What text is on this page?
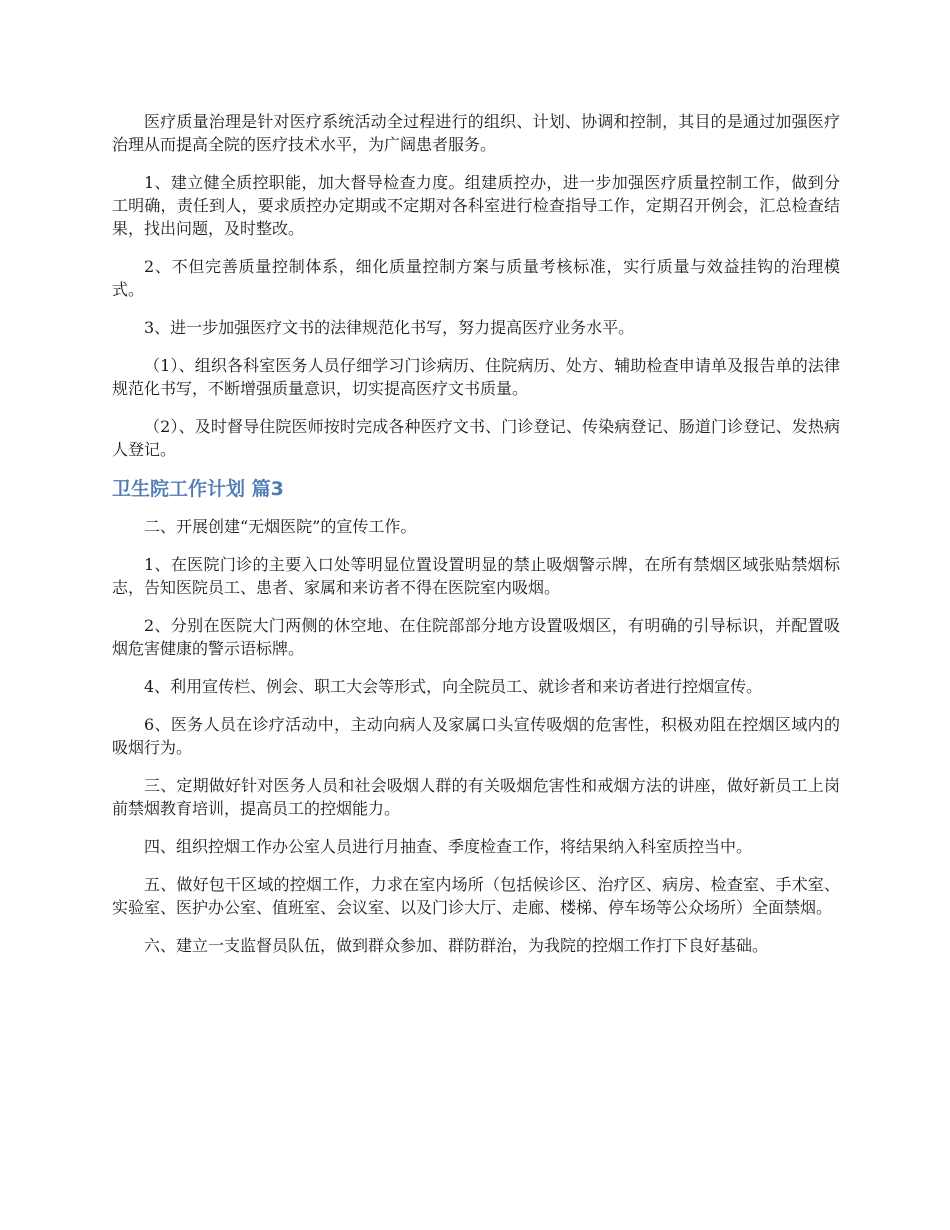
医疗质量治理是针对医疗系统活动全过程进行的组织、计划、协调和控制，其目的是通过加强医疗治理从而提高全院的医疗技术水平，为广阔患者服务。

1、建立健全质控职能，加大督导检查力度。组建质控办，进一步加强医疗质量控制工作，做到分工明确，责任到人，要求质控办定期或不定期对各科室进行检查指导工作，定期召开例会，汇总检查结果，找出问题，及时整改。

2、不但完善质量控制体系，细化质量控制方案与质量考核标准，实行质量与效益挂钩的治理模式。

3、进一步加强医疗文书的法律规范化书写，努力提高医疗业务水平。

（1）、组织各科室医务人员仔细学习门诊病历、住院病历、处方、辅助检查申请单及报告单的法律规范化书写，不断增强质量意识，切实提高医疗文书质量。

（2）、及时督导住院医师按时完成各种医疗文书、门诊登记、传染病登记、肠道门诊登记、发热病人登记。

卫生院工作计划 篇3

二、开展创建“无烟医院”的宣传工作。

1、在医院门诊的主要入口处等明显位置设置明显的禁止吸烟警示牌，在所有禁烟区域张贴禁烟标志，告知医院员工、患者、家属和来访者不得在医院室内吸烟。

2、分别在医院大门两侧的休空地、在住院部部分地方设置吸烟区，有明确的引导标识，并配置吸烟危害健康的警示语标牌。

4、利用宣传栏、例会、职工大会等形式，向全院员工、就诊者和来访者进行控烟宣传。

6、医务人员在诊疗活动中，主动向病人及家属口头宣传吸烟的危害性，积极劝阻在控烟区域内的吸烟行为。

三、定期做好针对医务人员和社会吸烟人群的有关吸烟危害性和戒烟方法的讲座，做好新员工上岗前禁烟教育培训，提高员工的控烟能力。

四、组织控烟工作办公室人员进行月抽查、季度检查工作，将结果纳入科室质控当中。

五、做好包干区域的控烟工作，力求在室内场所（包括候诊区、治疗区、病房、检查室、手术室、实验室、医护办公室、值班室、会议室、以及门诊大厅、走廊、楼梯、停车场等公众场所）全面禁烟。

六、建立一支监督员队伍，做到群众参加、群防群治，为我院的控烟工作打下良好基础。
